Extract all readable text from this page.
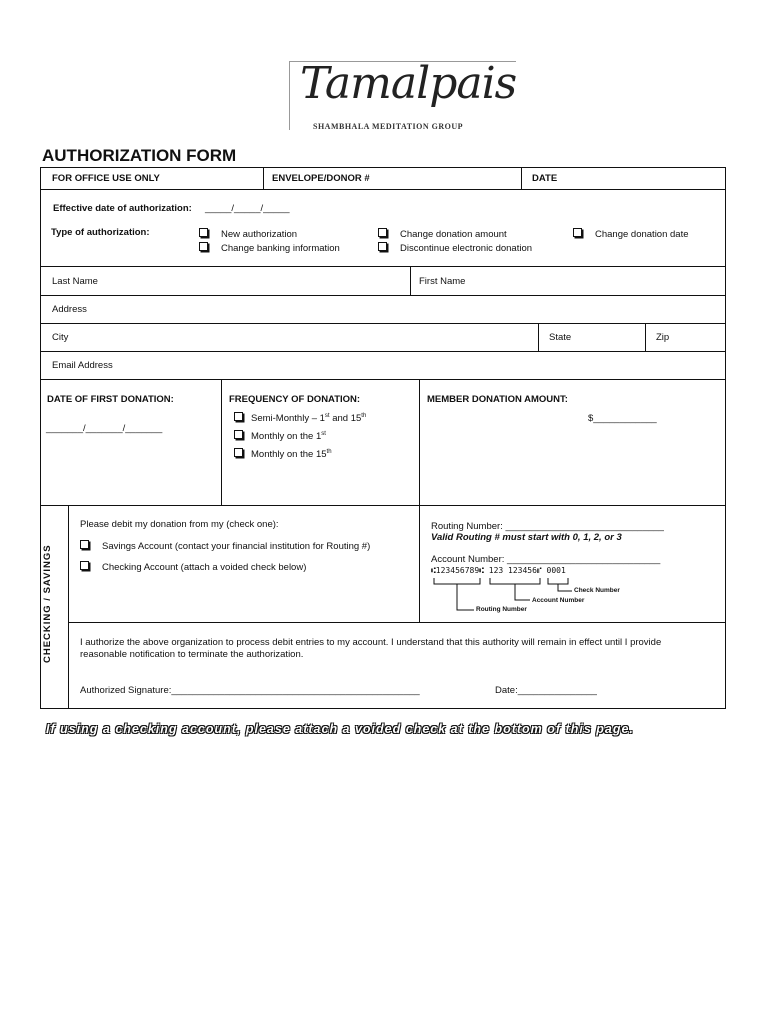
Tamalpais
SHAMBHALA MEDITATION GROUP
AUTHORIZATION FORM
FOR OFFICE USE ONLY	ENVELOPE/DONOR #	DATE
Effective date of authorization: _____/_____/_____
Type of authorization:	New authorization
Change banking information
Change donation amount
Discontinue electronic donation
Change donation date
Last Name	First Name
Address
City	State	Zip
Email Address
DATE OF FIRST DONATION:
_______/_______/_______
FREQUENCY OF DONATION:
Semi-Monthly – 1st and 15th
Monthly on the 1st
Monthly on the 15th
MEMBER DONATION AMOUNT:
$____________
CHECKING / SAVINGS
Please debit my donation from my (check one):
Savings Account (contact your financial institution for Routing #)
Checking Account (attach a voided check below)
Routing Number: ______________________________
Valid Routing # must start with 0, 1, 2, or 3
Account Number: _____________________________
⑆123456789⑆ 123 123456⑈ 0001
Check Number
Account Number
Routing Number
I authorize the above organization to process debit entries to my account. I understand that this authority will remain in effect until I provide
reasonable notification to terminate the authorization.
Authorized Signature:_______________________________________________	Date:_______________
If using a checking account, please attach a voided check at the bottom of this page.
